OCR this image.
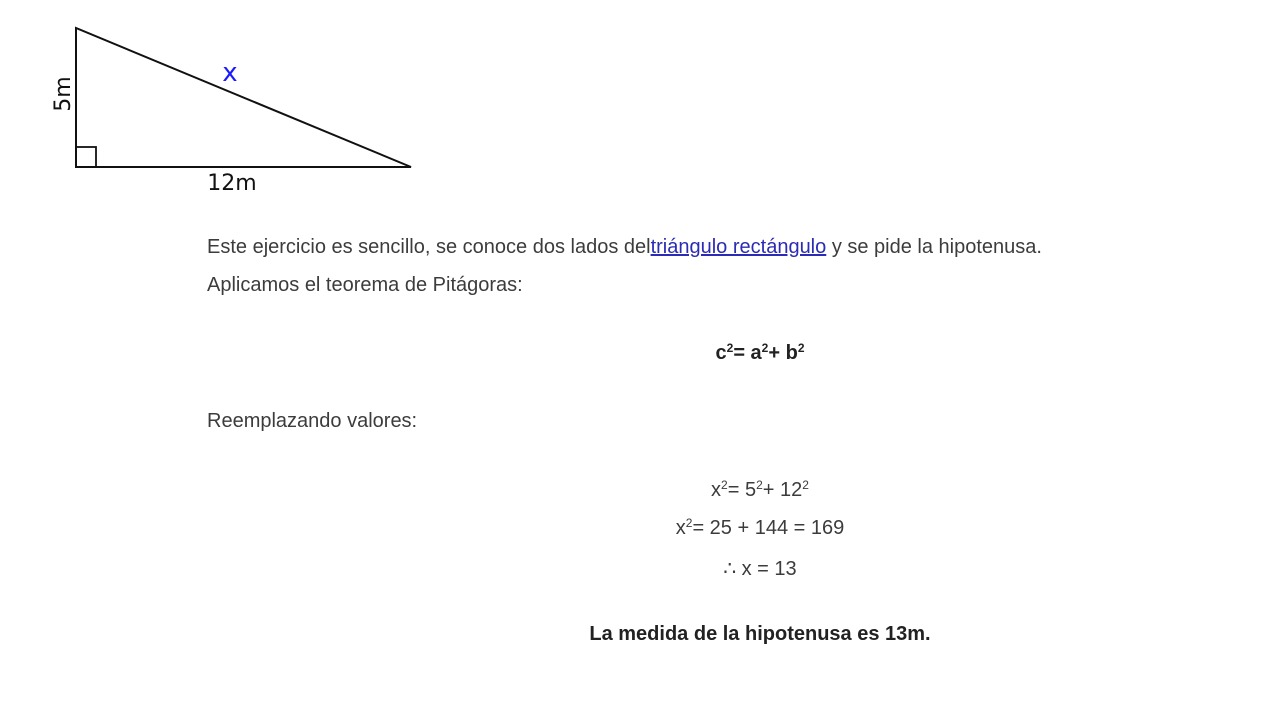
5m
12m
x
Este ejercicio es sencillo, se conoce dos lados deltriángulo rectángulo y se pide la hipotenusa.
Aplicamos el teorema de Pitágoras:
$c^2= a^2+ b^2$
Reemplazando valores:
$x^2= 5^2+ 12^2$
$x^2= 25 + 144 = 169$
∴ x = 13
La medida de la hipotenusa es 13m.
